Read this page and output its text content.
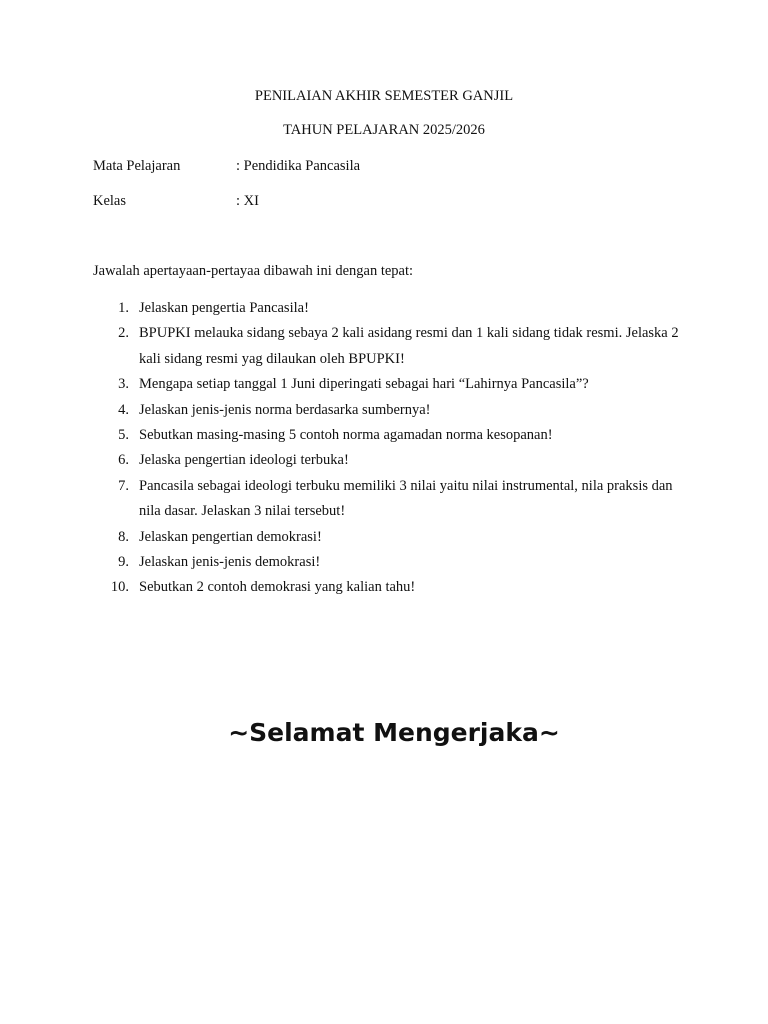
PENILAIAN AKHIR SEMESTER GANJIL
TAHUN PELAJARAN 2025/2026
Mata Pelajaran	: Pendidika Pancasila
Kelas	: XI
Jawalah apertayaan-pertayaa dibawah ini dengan tepat:
1. Jelaskan pengertia Pancasila!
2. BPUPKI melauka sidang sebaya 2 kali asidang resmi dan 1 kali sidang tidak resmi. Jelaska 2 kali sidang resmi yag dilaukan oleh BPUPKI!
3. Mengapa setiap tanggal 1 Juni diperingati sebagai hari “Lahirnya Pancasila”?
4. Jelaskan jenis-jenis norma berdasarka sumbernya!
5. Sebutkan masing-masing 5 contoh norma agamadan norma kesopanan!
6. Jelaska pengertian ideologi terbuka!
7. Pancasila sebagai ideologi terbuku memiliki 3 nilai yaitu nilai instrumental, nila praksis dan nila dasar. Jelaskan 3 nilai tersebut!
8. Jelaskan pengertian demokrasi!
9. Jelaskan jenis-jenis demokrasi!
10. Sebutkan 2 contoh demokrasi yang kalian tahu!
~Selamat Mengerjaka~
